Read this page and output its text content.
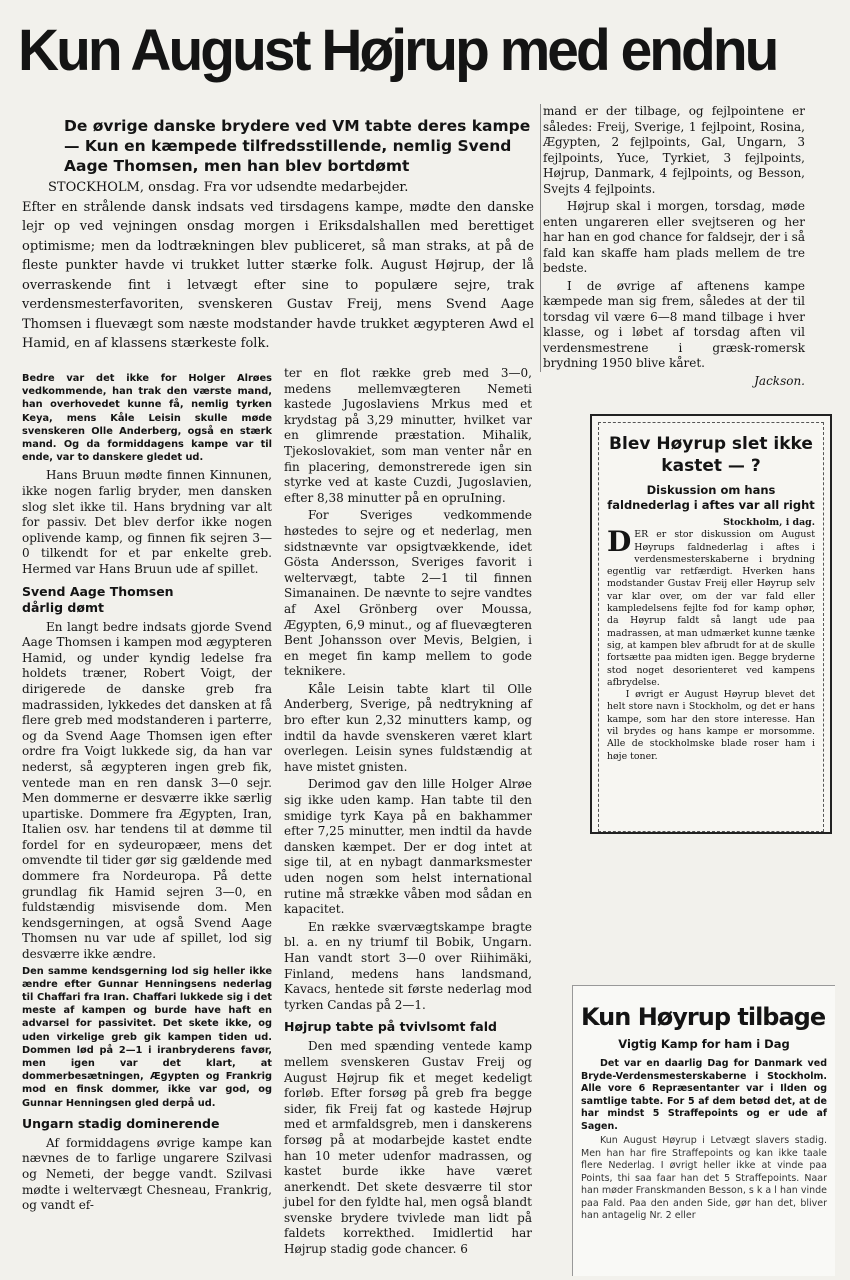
Kun August Højrup med endnu
De øvrige danske brydere ved VM tabte deres kampe — Kun en kæmpede tilfredsstillende, nemlig Svend Aage Thomsen, men han blev bortdømt

STOCKHOLM, onsdag. Fra vor udsendte medarbejder.

Efter en strålende dansk indsats ved tirsdagens kampe, mødte den danske lejr op ved vejningen onsdag morgen i Eriksdalshallen med berettiget optimisme; men da lodtrækningen blev publiceret, så man straks, at på de fleste punkter havde vi trukket lutter stærke folk. August Højrup, der lå overraskende fint i letvægt efter sine to populære sejre, trak verdensmesterfavoriten, svenskeren Gustav Freij, mens Svend Aage Thomsen i fluevægt som næste modstander havde trukket ægypteren Awd el Hamid, en af klassens stærkeste folk.

Bedre var det ikke for Holger Alrøes vedkommende, han trak den værste mand, han overhovedet kunne få, nemlig tyrken Keya, mens Kåle Leisin skulle møde svenskeren Olle Anderberg, også en stærk mand. Og da formiddagens kampe var til ende, var to danskere gledet ud.

Hans Bruun mødte finnen Kinnunen, ikke nogen farlig bryder, men dansken slog slet ikke til. Hans brydning var alt for passiv. Det blev derfor ikke nogen oplivende kamp, og finnen fik sejren 3—0 tilkendt for et par enkelte greb. Hermed var Hans Bruun ude af spillet.

Svend Aage Thomsen
dårlig dømt

En langt bedre indsats gjorde Svend Aage Thomsen i kampen mod ægypteren Hamid, og under kyndig ledelse fra holdets træner, Robert Voigt, der dirigerede de danske greb fra madrassiden, lykkedes det dansken at få flere greb med modstanderen i parterre, og da Svend Aage Thomsen igen efter ordre fra Voigt lukkede sig, da han var nederst, så ægypteren ingen greb fik, ventede man en ren dansk 3—0 sejr. Men dommerne er desværre ikke særlig upartiske. Dommere fra Ægypten, Iran, Italien osv. har tendens til at dømme til fordel for en sydeuropæer, mens det omvendte til tider gør sig gældende med dommere fra Nordeuropa. På dette grundlag fik Hamid sejren 3—0, en fuldstændig misvisende dom. Men kendsgerningen, at også Svend Aage Thomsen nu var ude af spillet, lod sig desværre ikke ændre.

Den samme kendsgerning lod sig heller ikke ændre efter Gunnar Henningsens nederlag til Chaffari fra Iran. Chaffari lukkede sig i det meste af kampen og burde have haft en advarsel for passivitet. Det skete ikke, og uden virkelige greb gik kampen tiden ud. Dommen lød på 2—1 i iranbryderens favør, men igen var det klart, at dommerbesætningen, Ægypten og Frankrig mod en finsk dommer, ikke var god, og Gunnar Henningsen gled derpå ud.

Ungarn stadig dominerende

Af formiddagens øvrige kampe kan nævnes de to farlige ungarere Szilvasi og Nemeti, der begge vandt. Szilvasi mødte i weltervægt Chesneau, Frankrig, og vandt ef-

ter en flot række greb med 3—0, medens mellemvægteren Nemeti kastede Jugoslaviens Mrkus med et krydstag på 3,29 minutter, hvilket var en glimrende præstation. Mihalik, Tjekoslovakiet, som man venter når en fin placering, demonstrerede igen sin styrke ved at kaste Cuzdi, Jugoslavien, efter 8,38 minutter på en opruIning.

For Sveriges vedkommende høstedes to sejre og et nederlag, men sidstnævnte var opsigtvækkende, idet Gösta Andersson, Sveriges favorit i weltervægt, tabte 2—1 til finnen Simanainen. De nævnte to sejre vandtes af Axel Grönberg over Moussa, Ægypten, 6,9 minut., og af fluevægteren Bent Johansson over Mevis, Belgien, i en meget fin kamp mellem to gode teknikere.

Kåle Leisin tabte klart til Olle Anderberg, Sverige, på nedtrykning af bro efter kun 2,32 minutters kamp, og indtil da havde svenskeren været klart overlegen. Leisin synes fuldstændig at have mistet gnisten.

Derimod gav den lille Holger Alrøe sig ikke uden kamp. Han tabte til den smidige tyrk Kaya på en bakhammer efter 7,25 minutter, men indtil da havde dansken kæmpet. Der er dog intet at sige til, at en nybagt danmarksmester uden nogen som helst international rutine må strække våben mod sådan en kapacitet.

En række sværvægtskampe bragte bl. a. en ny triumf til Bobik, Ungarn. Han vandt stort 3—0 over Riihimäki, Finland, medens hans landsmand, Kavacs, hentede sit første nederlag mod tyrken Candas på 2—1.

Højrup tabte på tvivlsomt fald

Den med spænding ventede kamp mellem svenskeren Gustav Freij og August Højrup fik et meget kedeligt forløb. Efter forsøg på greb fra begge sider, fik Freij fat og kastede Højrup med et armfaldsgreb, men i danskerens forsøg på at modarbejde kastet endte han 10 meter udenfor madrassen, og kastet burde ikke have været anerkendt. Det skete desværre til stor jubel for den fyldte hal, men også blandt svenske brydere tvivlede man lidt på faldets korrekthed. Imidlertid har Højrup stadig gode chancer. 6

mand er der tilbage, og fejlpointene er således: Freij, Sverige, 1 fejlpoint, Rosina, Ægypten, 2 fejlpoints, Gal, Ungarn, 3 fejlpoints, Yuce, Tyrkiet, 3 fejlpoints, Højrup, Danmark, 4 fejlpoints, og Besson, Svejts 4 fejlpoints.

Højrup skal i morgen, torsdag, møde enten ungareren eller svejtseren og her har han en god chance for faldsejr, der i så fald kan skaffe ham plads mellem de tre bedste.

I de øvrige af aftenens kampe kæmpede man sig frem, således at der til torsdag vil være 6—8 mand tilbage i hver klasse, og i løbet af torsdag aften vil verdensmestrene i græsk-romersk brydning 1950 blive kåret.

Jackson.

Blev Høyrup slet ikke kastet — ?
Diskussion om hans faldnederlag i aftes var all right

Stockholm, i dag.

DER er stor diskussion om August Høyrups faldnederlag i aftes i verdensmesterskaberne i brydning egentlig var retfærdigt. Hverken hans modstander Gustav Freij eller Høyrup selv var klar over, om der var fald eller kampledelsens fejlte fod for kamp ophør, da Høyrup faldt så langt ude paa madrassen, at man udmærket kunne tænke sig, at kampen blev afbrudt for at de skulle fortsætte paa midten igen. Begge bryderne stod noget desorienteret ved kampens afbrydelse.

I øvrigt er August Høyrup blevet det helt store navn i Stockholm, og det er hans kampe, som har den store interesse. Han vil brydes og hans kampe er morsomme. Alle de stockholmske blade roser ham i høje toner.

Kun Høyrup tilbage
Vigtig Kamp for ham i Dag

Det var en daarlig Dag for Danmark ved Bryde-Verdensmesterskaberne i Stockholm. Alle vore 6 Repræsentanter var i Ilden og samtlige tabte. For 5 af dem betød det, at de har mindst 5 Straffepoints og er ude af Sagen.

Kun August Høyrup i Letvægt slavers stadig. Men han har fire Straffepoints og kan ikke taale flere Nederlag. I øvrigt heller ikke at vinde paa Points, thi saa faar han det 5 Straffepoints. Naar han møder Franskmanden Besson, s k a l han vinde paa Fald. Paa den anden Side, gør han det, bliver han antagelig Nr. 2 eller
